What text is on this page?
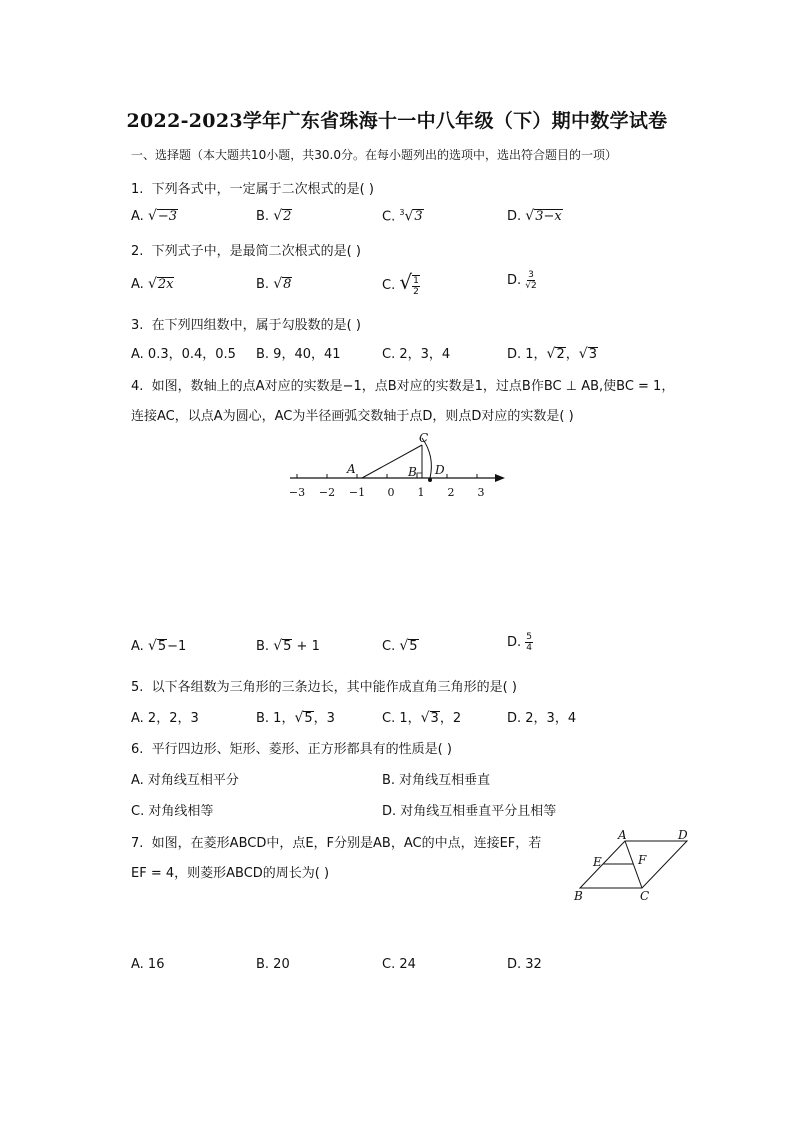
2022-2023学年广东省珠海十一中八年级（下）期中数学试卷
一、选择题（本大题共10小题，共30.0分。在每小题列出的选项中，选出符合题目的一项）
1. 下列各式中，一定属于二次根式的是( )
A. √−3	B. √2	C. $^3$√3	D. √3−x
2. 下列式子中，是最简二次根式的是( )
A. √2x	B. √8	C. √ $\frac{1}{2}$	D. $\frac{3}{√2}$
3. 在下列四组数中，属于勾股数的是( )
A. 0.3，0.4，0.5 B. 9，40，41	C. 2，3，4	D. 1，√2，√3
4. 如图，数轴上的点A对应的实数是−1，点B对应的实数是1，过点B作BC ⊥ AB,使BC = 1，
连接AC，以点A为圆心，AC为半径画弧交数轴于点D，则点D对应的实数是( )
−3 −2 −1 0 1 2 3
A	B
C
D
A. √5−1	B. √5 + 1	C. √5	D. $\frac{5}{4}$
5. 以下各组数为三角形的三条边长，其中能作成直角三角形的是( )
A. 2，2，3	B. 1，√5，3	C. 1，√3，2	D. 2，3，4
6. 平行四边形、矩形、菱形、正方形都具有的性质是( )
A. 对角线互相平分	B. 对角线互相垂直
C. 对角线相等	D. 对角线互相垂直平分且相等
7. 如图，在菱形ABCD中，点E，F分别是AB，AC的中点，连接EF，若
EF = 4，则菱形ABCD的周长为( )
A	D
B	C
E	F
A. 16	B. 20	C. 24	D. 32
